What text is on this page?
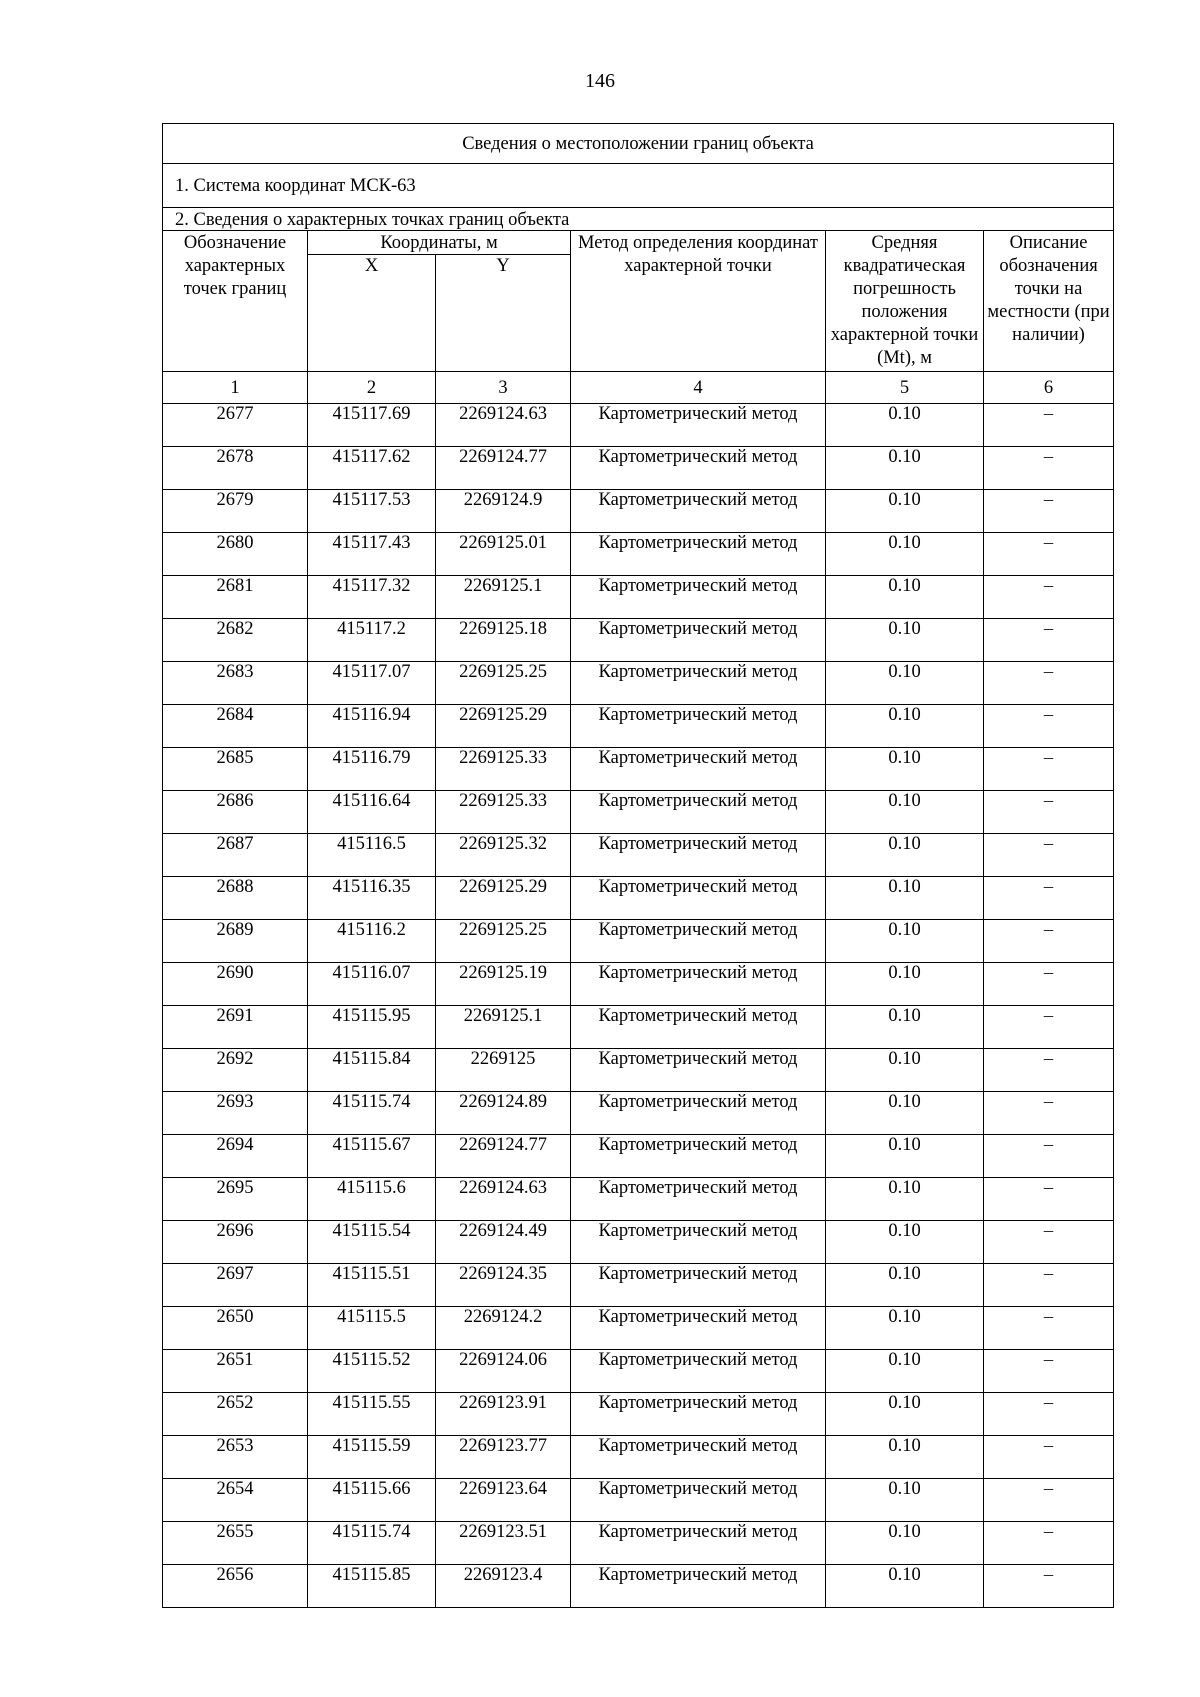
146
Сведения о местоположении границ объекта					
1. Система координат МСК-63					
2. Сведения о характерных точках границ объекта					
Обозначение характерных точек границ	Координаты, м		Метод определения координат характерной точки	Средняя квадратическая погрешность положения характерной точки (Mt), м	Описание обозначения точки на местности (при наличии)
	X	Y			

1	2	3	4	5	6
2677	415117.69	2269124.63	Картометрический метод	0.10	–
2678	415117.62	2269124.77	Картометрический метод	0.10	–
2679	415117.53	2269124.9	Картометрический метод	0.10	–
2680	415117.43	2269125.01	Картометрический метод	0.10	–
2681	415117.32	2269125.1	Картометрический метод	0.10	–
2682	415117.2	2269125.18	Картометрический метод	0.10	–
2683	415117.07	2269125.25	Картометрический метод	0.10	–
2684	415116.94	2269125.29	Картометрический метод	0.10	–
2685	415116.79	2269125.33	Картометрический метод	0.10	–
2686	415116.64	2269125.33	Картометрический метод	0.10	–
2687	415116.5	2269125.32	Картометрический метод	0.10	–
2688	415116.35	2269125.29	Картометрический метод	0.10	–
2689	415116.2	2269125.25	Картометрический метод	0.10	–
2690	415116.07	2269125.19	Картометрический метод	0.10	–
2691	415115.95	2269125.1	Картометрический метод	0.10	–
2692	415115.84	2269125	Картометрический метод	0.10	–
2693	415115.74	2269124.89	Картометрический метод	0.10	–
2694	415115.67	2269124.77	Картометрический метод	0.10	–
2695	415115.6	2269124.63	Картометрический метод	0.10	–
2696	415115.54	2269124.49	Картометрический метод	0.10	–
2697	415115.51	2269124.35	Картометрический метод	0.10	–
2650	415115.5	2269124.2	Картометрический метод	0.10	–
2651	415115.52	2269124.06	Картометрический метод	0.10	–
2652	415115.55	2269123.91	Картометрический метод	0.10	–
2653	415115.59	2269123.77	Картометрический метод	0.10	–
2654	415115.66	2269123.64	Картометрический метод	0.10	–
2655	415115.74	2269123.51	Картометрический метод	0.10	–
2656	415115.85	2269123.4	Картометрический метод	0.10	–
